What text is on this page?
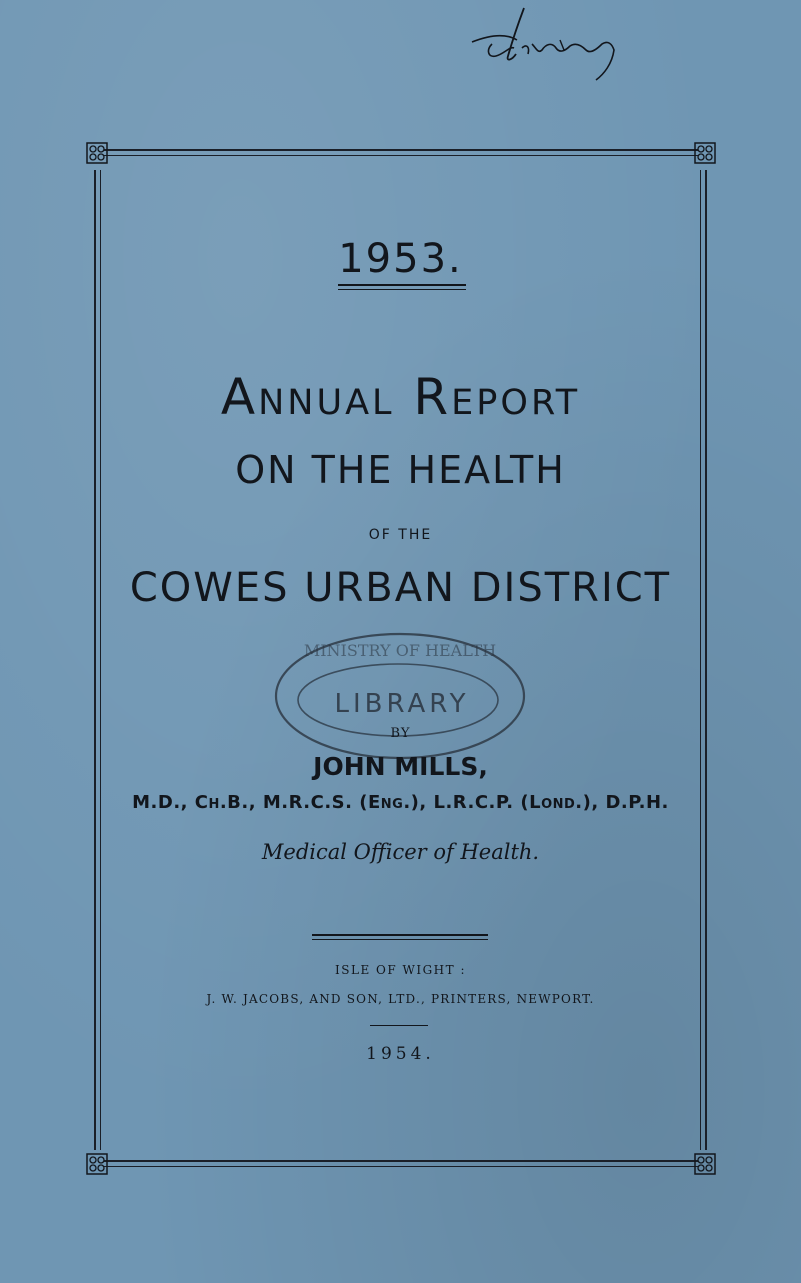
1953.
Annual Report
ON THE HEALTH
OF THE
COWES URBAN DISTRICT
LIBRARY
MINISTRY OF HEALTH
BY
JOHN MILLS,
M.D., Ch.B., M.R.C.S. (Eng.), L.R.C.P. (Lond.), D.P.H.
Medical Officer of Health.
ISLE OF WIGHT :
J. W. JACOBS, AND SON, LTD., PRINTERS, NEWPORT.
1954.
